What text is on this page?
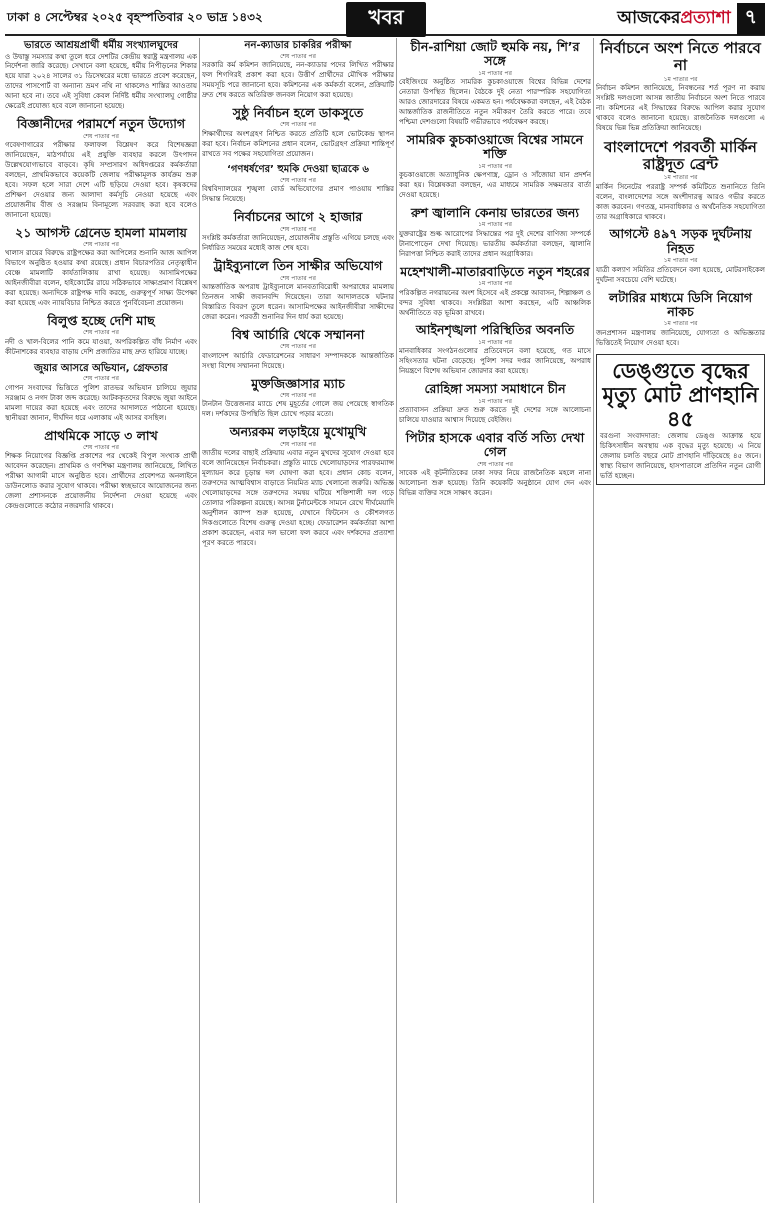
ঢাকা ৪ সেপ্টেম্বর ২০২৫ বৃহস্পতিবার ২০ ভাদ্র ১৪৩২	খবর	আজকেরপ্রত্যাশা ৭
ভারতে আশ্রয়প্রার্থী ধর্মীয় সংখ্যালঘুদের

ও উদ্বাস্তু সমস্যার কথা তুলে ধরে দেশটির কেন্দ্রীয় স্বরাষ্ট্র মন্ত্রণালয় এক নির্দেশনা জারি করেছে। সেখানে বলা হয়েছে, ধর্মীয় নিপীড়নের শিকার হয়ে যারা ২০২৪ সালের ৩১ ডিসেম্বরের মধ্যে ভারতে প্রবেশ করেছেন, তাদের পাসপোর্ট বা অন্যান্য ভ্রমণ নথি না থাকলেও শাস্তির আওতায় আনা হবে না। তবে এই সুবিধা কেবল নির্দিষ্ট ধর্মীয় সংখ্যালঘু গোষ্ঠীর ক্ষেত্রেই প্রযোজ্য হবে বলে জানানো হয়েছে।

বিজ্ঞানীদের পরামর্শে নতুন উদ্যোগ
শেষ পাতার পর

গবেষণাগারের পরীক্ষার ফলাফল বিশ্লেষণ করে বিশেষজ্ঞরা জানিয়েছেন, মাঠপর্যায়ে এই প্রযুক্তি ব্যবহার করলে উৎপাদন উল্লেখযোগ্যভাবে বাড়বে। কৃষি সম্প্রসারণ অধিদপ্তরের কর্মকর্তারা বলছেন, প্রাথমিকভাবে কয়েকটি জেলায় পরীক্ষামূলক কার্যক্রম শুরু হবে। সফল হলে সারা দেশে এটি ছড়িয়ে দেওয়া হবে। কৃষকদের প্রশিক্ষণ দেওয়ার জন্য আলাদা কর্মসূচি নেওয়া হয়েছে এবং প্রয়োজনীয় বীজ ও সরঞ্জাম বিনামূল্যে সরবরাহ করা হবে বলেও জানানো হয়েছে।

২১ আগস্ট গ্রেনেড হামলা মামলায়
শেষ পাতার পর

খালাস রায়ের বিরুদ্ধে রাষ্ট্রপক্ষের করা আপিলের শুনানি আজ আপিল বিভাগে অনুষ্ঠিত হওয়ার কথা রয়েছে। প্রধান বিচারপতির নেতৃত্বাধীন বেঞ্চে মামলাটি কার্যতালিকায় রাখা হয়েছে। আসামিপক্ষের আইনজীবীরা বলেন, হাইকোর্টের রায়ে সঠিকভাবে সাক্ষ্যপ্রমাণ বিশ্লেষণ করা হয়েছে। অন্যদিকে রাষ্ট্রপক্ষ দাবি করছে, গুরুত্বপূর্ণ সাক্ষ্য উপেক্ষা করা হয়েছে এবং ন্যায়বিচার নিশ্চিত করতে পুনর্বিবেচনা প্রয়োজন।

বিলুপ্ত হচ্ছে দেশি মাছ
শেষ পাতার পর

নদী ও খাল-বিলের পানি কমে যাওয়া, অপরিকল্পিত বাঁধ নির্মাণ এবং কীটনাশকের ব্যবহার বাড়ায় দেশি প্রজাতির মাছ দ্রুত হারিয়ে যাচ্ছে।

জুয়ার আসরে অভিযান, গ্রেফতার
শেষ পাতার পর

গোপন সংবাদের ভিত্তিতে পুলিশ রাতভর অভিযান চালিয়ে জুয়ার সরঞ্জাম ও নগদ টাকা জব্দ করেছে। আটককৃতদের বিরুদ্ধে জুয়া আইনে মামলা দায়ের করা হয়েছে এবং তাদের আদালতে পাঠানো হয়েছে। স্থানীয়রা জানান, দীর্ঘদিন ধরে এলাকায় এই আসর বসছিল।

প্রাথমিকে সাড়ে ৩ লাখ
শেষ পাতার পর

শিক্ষক নিয়োগের বিজ্ঞপ্তি প্রকাশের পর থেকেই বিপুল সংখ্যক প্রার্থী আবেদন করেছেন। প্রাথমিক ও গণশিক্ষা মন্ত্রণালয় জানিয়েছে, লিখিত পরীক্ষা আগামী মাসে অনুষ্ঠিত হবে। প্রার্থীদের প্রবেশপত্র অনলাইনে ডাউনলোড করার সুযোগ থাকবে। পরীক্ষা স্বচ্ছভাবে আয়োজনের জন্য জেলা প্রশাসনকে প্রয়োজনীয় নির্দেশনা দেওয়া হয়েছে এবং কেন্দ্রগুলোতে কঠোর নজরদারি থাকবে।

নন-ক্যাডার চাকরির পরীক্ষা
শেষ পাতার পর

সরকারি কর্ম কমিশন জানিয়েছে, নন-ক্যাডার পদের লিখিত পরীক্ষার ফল শিগগিরই প্রকাশ করা হবে। উত্তীর্ণ প্রার্থীদের মৌখিক পরীক্ষার সময়সূচি পরে জানানো হবে। কমিশনের এক কর্মকর্তা বলেন, প্রক্রিয়াটি দ্রুত শেষ করতে অতিরিক্ত জনবল নিয়োগ করা হয়েছে।

সুষ্ঠু নির্বাচন হলে ডাকসুতে
শেষ পাতার পর

শিক্ষার্থীদের অংশগ্রহণ নিশ্চিত করতে প্রতিটি হলে ভোটকেন্দ্র স্থাপন করা হবে। নির্বাচন কমিশনের প্রধান বলেন, ভোটগ্রহণ প্রক্রিয়া শান্তিপূর্ণ রাখতে সব পক্ষের সহযোগিতা প্রয়োজন।

‘গণধর্ষণের’ হুমকি দেওয়া ছাত্রকে ৬
শেষ পাতার পর

বিশ্ববিদ্যালয়ের শৃঙ্খলা বোর্ড অভিযোগের প্রমাণ পাওয়ায় শাস্তির সিদ্ধান্ত নিয়েছে।

নির্বাচনের আগে ২ হাজার
শেষ পাতার পর

সংশ্লিষ্ট কর্মকর্তারা জানিয়েছেন, প্রয়োজনীয় প্রস্তুতি এগিয়ে চলছে এবং নির্ধারিত সময়ের মধ্যেই কাজ শেষ হবে।

ট্রাইব্যুনালে তিন সাক্ষীর অভিযোগ
শেষ পাতার পর

আন্তর্জাতিক অপরাধ ট্রাইব্যুনালে মানবতাবিরোধী অপরাধের মামলায় তিনজন সাক্ষী জবানবন্দি দিয়েছেন। তারা আদালতকে ঘটনার বিস্তারিত বিবরণ তুলে ধরেন। আসামিপক্ষের আইনজীবীরা সাক্ষীদের জেরা করেন। পরবর্তী শুনানির দিন ধার্য করা হয়েছে।

বিশ্ব আর্চারি থেকে সম্মাননা
শেষ পাতার পর

বাংলাদেশ আর্চারি ফেডারেশনের সাধারণ সম্পাদককে আন্তর্জাতিক সংস্থা বিশেষ সম্মাননা দিয়েছে।

মুক্তজিজ্ঞাসার ম্যাচ
শেষ পাতার পর

টানটান উত্তেজনার ম্যাচে শেষ মুহূর্তের গোলে জয় পেয়েছে স্বাগতিক দল। দর্শকদের উপস্থিতি ছিল চোখে পড়ার মতো।

অন্যরকম লড়াইয়ে মুখোমুখি
শেষ পাতার পর

জাতীয় দলের বাছাই প্রক্রিয়ায় এবার নতুন মুখদের সুযোগ দেওয়া হবে বলে জানিয়েছেন নির্বাচকরা। প্রস্তুতি ম্যাচে খেলোয়াড়দের পারফরম্যান্স মূল্যায়ন করে চূড়ান্ত দল ঘোষণা করা হবে। প্রধান কোচ বলেন, তরুণদের আত্মবিশ্বাস বাড়াতে নিয়মিত ম্যাচ খেলানো জরুরি। অভিজ্ঞ খেলোয়াড়দের সঙ্গে তরুণদের সমন্বয় ঘটিয়ে শক্তিশালী দল গড়ে তোলার পরিকল্পনা রয়েছে। আসন্ন টুর্নামেন্টকে সামনে রেখে দীর্ঘমেয়াদি অনুশীলন ক্যাম্প শুরু হয়েছে, যেখানে ফিটনেস ও কৌশলগত দিকগুলোতে বিশেষ গুরুত্ব দেওয়া হচ্ছে। ফেডারেশন কর্মকর্তারা আশা প্রকাশ করেছেন, এবার দল ভালো ফল করবে এবং দর্শকদের প্রত্যাশা পূরণ করতে পারবে।

চীন-রাশিয়া জোট হুমকি নয়, শি’র সঙ্গে
১ম পাতার পর

বেইজিংয়ে অনুষ্ঠিত সামরিক কুচকাওয়াজে বিশ্বের বিভিন্ন দেশের নেতারা উপস্থিত ছিলেন। বৈঠকে দুই নেতা পারস্পরিক সহযোগিতা আরও জোরদারের বিষয়ে একমত হন। পর্যবেক্ষকরা বলছেন, এই বৈঠক আন্তর্জাতিক রাজনীতিতে নতুন সমীকরণ তৈরি করতে পারে। তবে পশ্চিমা দেশগুলো বিষয়টি গভীরভাবে পর্যবেক্ষণ করছে।

সামরিক কুচকাওয়াজে বিশ্বের সামনে শক্তি
১ম পাতার পর

কুচকাওয়াজে অত্যাধুনিক ক্ষেপণাস্ত্র, ড্রোন ও সাঁজোয়া যান প্রদর্শন করা হয়। বিশ্লেষকরা বলছেন, এর মাধ্যমে সামরিক সক্ষমতার বার্তা দেওয়া হয়েছে।

রুশ জ্বালানি কেনায় ভারতের জন্য
১ম পাতার পর

যুক্তরাষ্ট্রের শুল্ক আরোপের সিদ্ধান্তের পর দুই দেশের বাণিজ্য সম্পর্কে টানাপোড়েন দেখা দিয়েছে। ভারতীয় কর্মকর্তারা বলছেন, জ্বালানি নিরাপত্তা নিশ্চিত করাই তাদের প্রধান অগ্রাধিকার।

মহেশখালী-মাতারবাড়িতে নতুন শহরের
১ম পাতার পর

পরিকল্পিত নগরায়নের অংশ হিসেবে এই প্রকল্পে আবাসন, শিল্পাঞ্চল ও বন্দর সুবিধা থাকবে। সংশ্লিষ্টরা আশা করছেন, এটি আঞ্চলিক অর্থনীতিতে বড় ভূমিকা রাখবে।

আইনশৃঙ্খলা পরিস্থিতির অবনতি
১ম পাতার পর

মানবাধিকার সংগঠনগুলোর প্রতিবেদনে বলা হয়েছে, গত মাসে সহিংসতার ঘটনা বেড়েছে। পুলিশ সদর দপ্তর জানিয়েছে, অপরাধ নিয়ন্ত্রণে বিশেষ অভিযান জোরদার করা হয়েছে।

রোহিঙ্গা সমস্যা সমাধানে চীন
১ম পাতার পর

প্রত্যাবাসন প্রক্রিয়া দ্রুত শুরু করতে দুই দেশের সঙ্গে আলোচনা চালিয়ে যাওয়ার আশ্বাস দিয়েছে বেইজিং।

পিটার হাসকে এবার বর্তি সত্যি দেখা গেল
শেষ পাতার পর

সাবেক এই কূটনীতিকের ঢাকা সফর নিয়ে রাজনৈতিক মহলে নানা আলোচনা শুরু হয়েছে। তিনি কয়েকটি অনুষ্ঠানে যোগ দেন এবং বিভিন্ন ব্যক্তির সঙ্গে সাক্ষাৎ করেন।

নির্বাচনে অংশ নিতে পারবে না
১ম পাতার পর

নির্বাচন কমিশন জানিয়েছে, নিবন্ধনের শর্ত পূরণ না করায় সংশ্লিষ্ট দলগুলো আসন্ন জাতীয় নির্বাচনে অংশ নিতে পারবে না। কমিশনের এই সিদ্ধান্তের বিরুদ্ধে আপিল করার সুযোগ থাকবে বলেও জানানো হয়েছে। রাজনৈতিক দলগুলো এ বিষয়ে ভিন্ন ভিন্ন প্রতিক্রিয়া জানিয়েছে।

বাংলাদেশে পরবর্তী মার্কিন রাষ্ট্রদূত ব্রেন্ট
১ম পাতার পর

মার্কিন সিনেটের পররাষ্ট্র সম্পর্ক কমিটিতে শুনানিতে তিনি বলেন, বাংলাদেশের সঙ্গে অংশীদারত্ব আরও গভীর করতে কাজ করবেন। গণতন্ত্র, মানবাধিকার ও অর্থনৈতিক সহযোগিতা তার অগ্রাধিকারে থাকবে।

আগস্টে ৪৯৭ সড়ক দুর্ঘটনায় নিহত
১ম পাতার পর

যাত্রী কল্যাণ সমিতির প্রতিবেদনে বলা হয়েছে, মোটরসাইকেল দুর্ঘটনা সবচেয়ে বেশি ঘটেছে।

লটারির মাধ্যমে ডিসি নিয়োগ নাকচ
১ম পাতার পর

জনপ্রশাসন মন্ত্রণালয় জানিয়েছে, যোগ্যতা ও অভিজ্ঞতার ভিত্তিতেই নিয়োগ দেওয়া হবে।

ডেঙ্গুতে বৃদ্ধের মৃত্যু মোট প্রাণহানি ৪৫

বরগুনা সংবাদদাতা: জেলায় ডেঙ্গু আক্রান্ত হয়ে চিকিৎসাধীন অবস্থায় এক বৃদ্ধের মৃত্যু হয়েছে। এ নিয়ে জেলায় চলতি বছরে মোট প্রাণহানি দাঁড়িয়েছে ৪৫ জনে। স্বাস্থ্য বিভাগ জানিয়েছে, হাসপাতালে প্রতিদিন নতুন রোগী ভর্তি হচ্ছেন।
